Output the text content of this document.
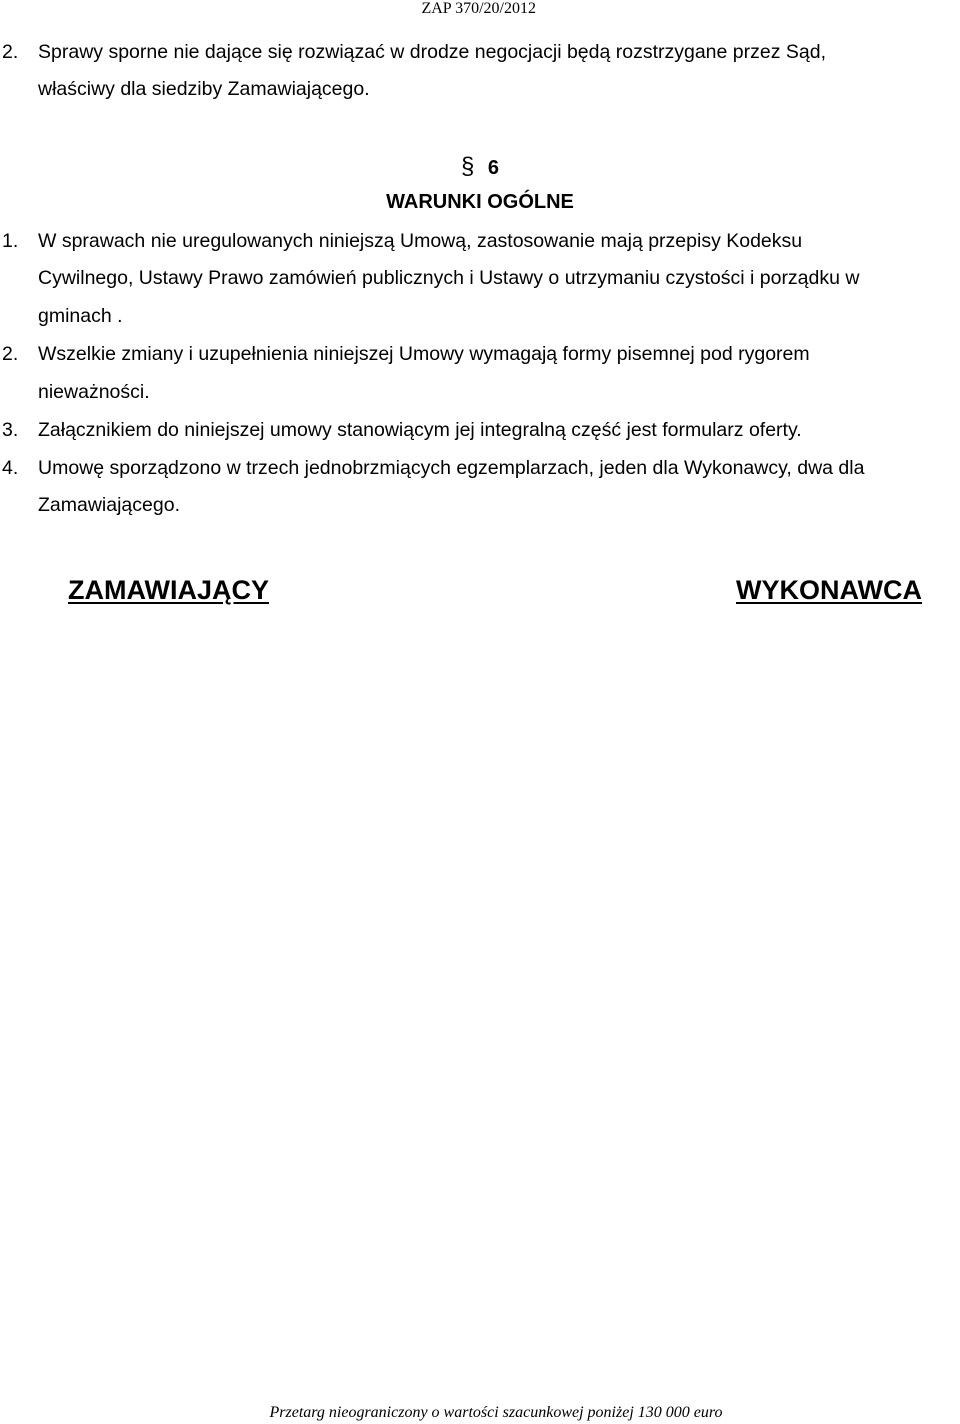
ZAP 370/20/2012
2. Sprawy sporne nie dające się rozwiązać w drodze negocjacji będą rozstrzygane przez Sąd,
właściwy dla siedziby Zamawiającego.
§ 6
WARUNKI OGÓLNE
1. W sprawach nie uregulowanych niniejszą Umową, zastosowanie mają przepisy Kodeksu
Cywilnego, Ustawy Prawo zamówień publicznych i Ustawy o utrzymaniu czystości i porządku w
gminach .
2. Wszelkie zmiany i uzupełnienia niniejszej Umowy wymagają formy pisemnej pod rygorem
nieważności.
3. Załącznikiem do niniejszej umowy stanowiącym jej integralną część jest formularz oferty.
4. Umowę sporządzono w trzech jednobrzmiących egzemplarzach, jeden dla Wykonawcy, dwa dla
Zamawiającego.
ZAMAWIAJĄCY	WYKONAWCA
Przetarg nieograniczony o wartości szacunkowej poniżej 130 000 euro
